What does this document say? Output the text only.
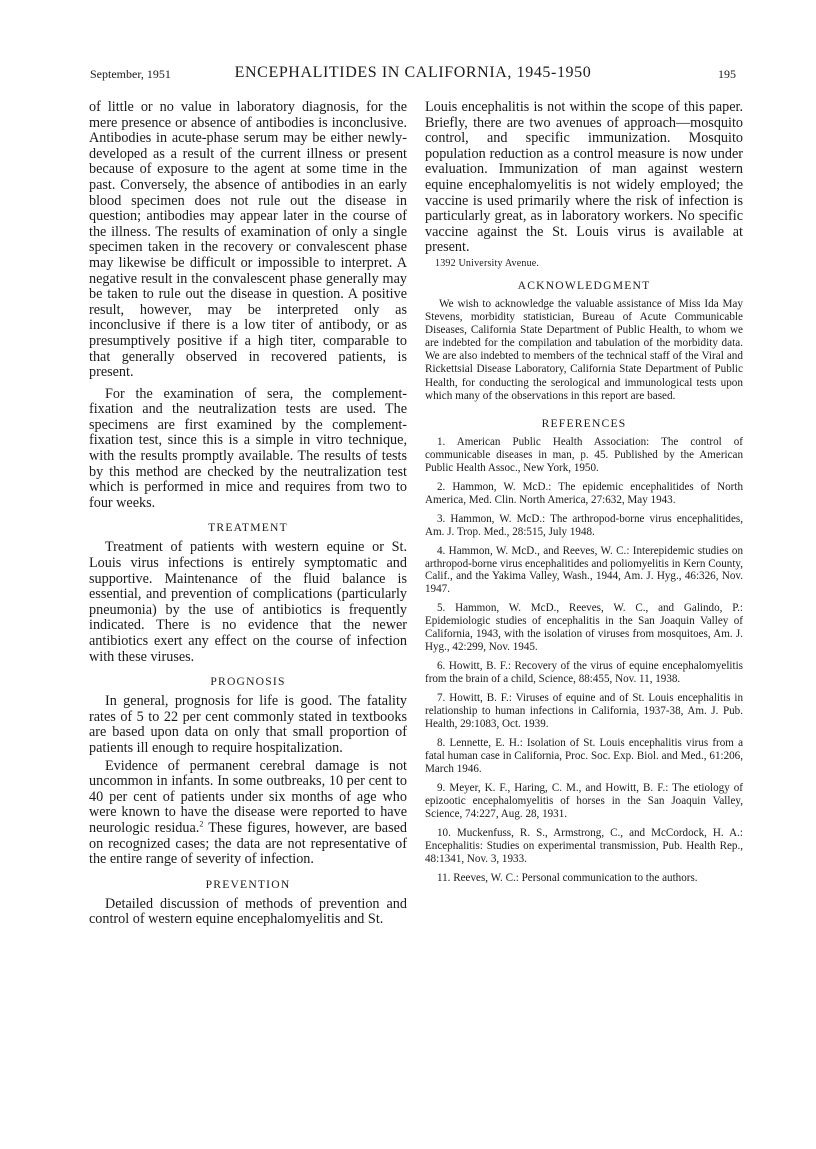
September, 1951	ENCEPHALITIDES IN CALIFORNIA, 1945-1950	195

of little or no value in laboratory diagnosis, for the mere presence or absence of antibodies is inconclusive. Antibodies in acute-phase serum may be either newly-developed as a result of the current illness or present because of exposure to the agent at some time in the past. Conversely, the absence of antibodies in an early blood specimen does not rule out the disease in question; antibodies may appear later in the course of the illness. The results of examination of only a single specimen taken in the recovery or convalescent phase may likewise be difficult or impossible to interpret. A negative result in the convalescent phase generally may be taken to rule out the disease in question. A positive result, however, may be interpreted only as inconclusive if there is a low titer of antibody, or as presumptively positive if a high titer, comparable to that generally observed in recovered patients, is present.

For the examination of sera, the complement-fixation and the neutralization tests are used. The specimens are first examined by the complement-fixation test, since this is a simple in vitro technique, with the results promptly available. The results of tests by this method are checked by the neutralization test which is performed in mice and requires from two to four weeks.

TREATMENT

Treatment of patients with western equine or St. Louis virus infections is entirely symptomatic and supportive. Maintenance of the fluid balance is essential, and prevention of complications (particularly pneumonia) by the use of antibiotics is frequently indicated. There is no evidence that the newer antibiotics exert any effect on the course of infection with these viruses.

PROGNOSIS

In general, prognosis for life is good. The fatality rates of 5 to 22 per cent commonly stated in textbooks are based upon data on only that small proportion of patients ill enough to require hospitalization.

Evidence of permanent cerebral damage is not uncommon in infants. In some outbreaks, 10 per cent to 40 per cent of patients under six months of age who were known to have the disease were reported to have neurologic residua.$^2$ These figures, however, are based on recognized cases; the data are not representative of the entire range of severity of infection.

PREVENTION

Detailed discussion of methods of prevention and control of western equine encephalomyelitis and St.

Louis encephalitis is not within the scope of this paper. Briefly, there are two avenues of approach—mosquito control, and specific immunization. Mosquito population reduction as a control measure is now under evaluation. Immunization of man against western equine encephalomyelitis is not widely employed; the vaccine is used primarily where the risk of infection is particularly great, as in laboratory workers. No specific vaccine against the St. Louis virus is available at present.

1392 University Avenue.
ACKNOWLEDGMENT

We wish to acknowledge the valuable assistance of Miss Ida May Stevens, morbidity statistician, Bureau of Acute Communicable Diseases, California State Department of Public Health, to whom we are indebted for the compilation and tabulation of the morbidity data. We are also indebted to members of the technical staff of the Viral and Rickettsial Disease Laboratory, California State Department of Public Health, for conducting the serological and immunological tests upon which many of the observations in this report are based.

REFERENCES
1. American Public Health Association: The control of communicable diseases in man, p. 45. Published by the American Public Health Assoc., New York, 1950.
2. Hammon, W. McD.: The epidemic encephalitides of North America, Med. Clin. North America, 27:632, May 1943.
3. Hammon, W. McD.: The arthropod-borne virus encephalitides, Am. J. Trop. Med., 28:515, July 1948.
4. Hammon, W. McD., and Reeves, W. C.: Interepidemic studies on arthropod-borne virus encephalitides and poliomyelitis in Kern County, Calif., and the Yakima Valley, Wash., 1944, Am. J. Hyg., 46:326, Nov. 1947.
5. Hammon, W. McD., Reeves, W. C., and Galindo, P.: Epidemiologic studies of encephalitis in the San Joaquin Valley of California, 1943, with the isolation of viruses from mosquitoes, Am. J. Hyg., 42:299, Nov. 1945.
6. Howitt, B. F.: Recovery of the virus of equine encephalomyelitis from the brain of a child, Science, 88:455, Nov. 11, 1938.
7. Howitt, B. F.: Viruses of equine and of St. Louis encephalitis in relationship to human infections in California, 1937-38, Am. J. Pub. Health, 29:1083, Oct. 1939.
8. Lennette, E. H.: Isolation of St. Louis encephalitis virus from a fatal human case in California, Proc. Soc. Exp. Biol. and Med., 61:206, March 1946.
9. Meyer, K. F., Haring, C. M., and Howitt, B. F.: The etiology of epizootic encephalomyelitis of horses in the San Joaquin Valley, Science, 74:227, Aug. 28, 1931.
10. Muckenfuss, R. S., Armstrong, C., and McCordock, H. A.: Encephalitis: Studies on experimental transmission, Pub. Health Rep., 48:1341, Nov. 3, 1933.
11. Reeves, W. C.: Personal communication to the authors.
